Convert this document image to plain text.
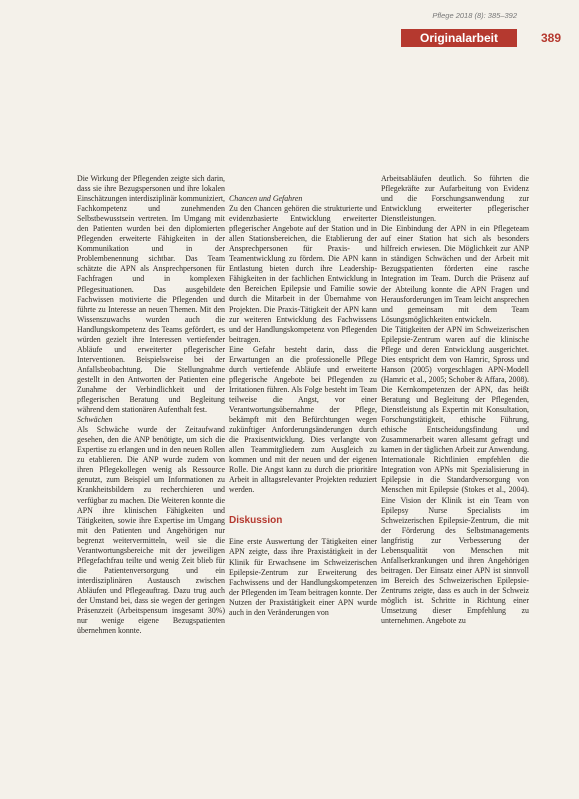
Pflege 2018 (8): 385–392
Originalarbeit	389

Die Wirkung der Pflegenden zeigte sich darin, dass sie ihre Bezugspersonen und ihre lokalen Einschätzungen interdisziplinär kommuniziert, Fachkompetenz und zunehmenden Selbstbewusstsein vertreten. Im Umgang mit den Patienten wurden bei den diplomierten Pflegenden erweiterte Fähigkeiten in der Kommunikation und in der Problembenennung sichtbar. Das Team schätzte die APN als Ansprechpersonen für Fachfragen und in komplexen Pflegesituationen. Das ausgebildete Fachwissen motivierte die Pflegenden und führte zu Interesse an neuen Themen. Mit den Wissenszuwachs wurden auch die Handlungskompetenz des Teams gefördert, es würden gezielt ihre Interessen vertiefender Abläufe und erweiterter pflegerischer Interventionen. Beispielsweise bei der Anfallsbeobachtung. Die Stellungnahme gestellt in den Antworten der Patienten eine Zunahme der Verbindlichkeit und der pflegerischen Beratung und Begleitung während dem stationären Aufenthalt fest.

Schwächen

Als Schwäche wurde der Zeitaufwand gesehen, den die ANP benötigte, um sich die Expertise zu erlangen und in den neuen Rollen zu etablieren. Die ANP wurde zudem von ihren Pflegekollegen wenig als Ressource genutzt, zum Beispiel um Informationen zu Krankheitsbildern zu recherchieren und verfügbar zu machen. Die Weiteren konnte die APN ihre klinischen Fähigkeiten und Tätigkeiten, sowie ihre Expertise im Umgang mit den Patienten und Angehörigen nur begrenzt weitervermitteln, weil sie die Verantwortungsbereiche mit der jeweiligen Pflegefachfrau teilte und wenig Zeit blieb für die Patientenversorgung und ein interdisziplinären Austausch zwischen Abläufen und Pflegeauftrag. Dazu trug auch der Umstand bei, dass sie wegen der geringen Präsenzzeit (Arbeitspensum insgesamt 30%) nur wenige eigene Bezugspatienten übernehmen konnte.

Chancen und Gefahren

Zu den Chancen gehören die strukturierte und evidenzbasierte Entwicklung erweiterter pflegerischer Angebote auf der Station und in allen Stationsbereichen, die Etablierung der Ansprechpersonen für Praxis- und Teamentwicklung zu fördern. Die APN kann Entlastung bieten durch ihre Leadership-Fähigkeiten in der fachlichen Entwicklung in den Bereichen Epilepsie und Familie sowie durch die Mitarbeit in der Übernahme von Projekten. Die Praxis-Tätigkeit der APN kann zur weiteren Entwicklung des Fachwissens und der Handlungskompetenz von Pflegenden beitragen.

Eine Gefahr besteht darin, dass die Erwartungen an die professionelle Pflege durch vertiefende Abläufe und erweiterte pflegerische Angebote bei Pflegenden zu Irritationen führen. Als Folge besteht im Team teilweise die Angst, vor einer Verantwortungsübernahme der Pflege, bekämpft mit den Befürchtungen wegen zukünftiger Anforderungsänderungen durch die Praxisentwicklung. Dies verlangte von allen Teammitgliedern zum Ausgleich zu kommen und mit der neuen und der eigenen Rolle. Die Angst kann zu durch die prioritäre Arbeit in alltagsrelevanter Projekten reduziert werden.

Diskussion

Eine erste Auswertung der Tätigkeiten einer APN zeigte, dass ihre Praxistätigkeit in der Klinik für Erwachsene im Schweizerischen Epilepsie-Zentrum zur Erweiterung des Fachwissens und der Handlungskompetenzen der Pflegenden im Team beitragen konnte. Der Nutzen der Praxistätigkeit einer APN wurde auch in den Veränderungen von

Arbeitsabläufen deutlich. So führten die Pflegekräfte zur Aufarbeitung von Evidenz und die Forschungsanwendung zur Entwicklung erweiterter pflegerischer Dienstleistungen.

Die Einbindung der APN in ein Pflegeteam auf einer Station hat sich als besonders hilfreich erwiesen. Die Möglichkeit zur ANP in ständigen Schwächen und der Arbeit mit Bezugspatienten förderten eine rasche Integration im Team. Durch die Präsenz auf der Abteilung konnte die APN Fragen und Herausforderungen im Team leicht ansprechen und gemeinsam mit dem Team Lösungsmöglichkeiten entwickeln.

Die Tätigkeiten der APN im Schweizerischen Epilepsie-Zentrum waren auf die klinische Pflege und deren Entwicklung ausgerichtet. Dies entspricht dem von Hamric, Spross und Hanson (2005) vorgeschlagen APN-Modell (Hamric et al., 2005; Schober & Affara, 2008). Die Kernkompetenzen der APN, das heißt Beratung und Begleitung der Pflegenden, Dienstleistung als Expertin mit Konsultation, Forschungstätigkeit, ethische Führung, ethische Entscheidungsfindung und Zusammenarbeit waren allesamt gefragt und kamen in der täglichen Arbeit zur Anwendung. Internationale Richtlinien empfehlen die Integration von APNs mit Spezialisierung in Epilepsie in die Standardversorgung von Menschen mit Epilepsie (Stokes et al., 2004). Eine Vision der Klinik ist ein Team von Epilepsy Nurse Specialists im Schweizerischen Epilepsie-Zentrum, die mit der Förderung des Selbstmanagements langfristig zur Verbesserung der Lebensqualität von Menschen mit Anfallserkrankungen und ihren Angehörigen beitragen. Der Einsatz einer APN ist sinnvoll im Bereich des Schweizerischen Epilepsie-Zentrums zeigte, dass es auch in der Schweiz möglich ist. Schritte in Richtung einer Umsetzung dieser Empfehlung zu unternehmen. Angebote zu
